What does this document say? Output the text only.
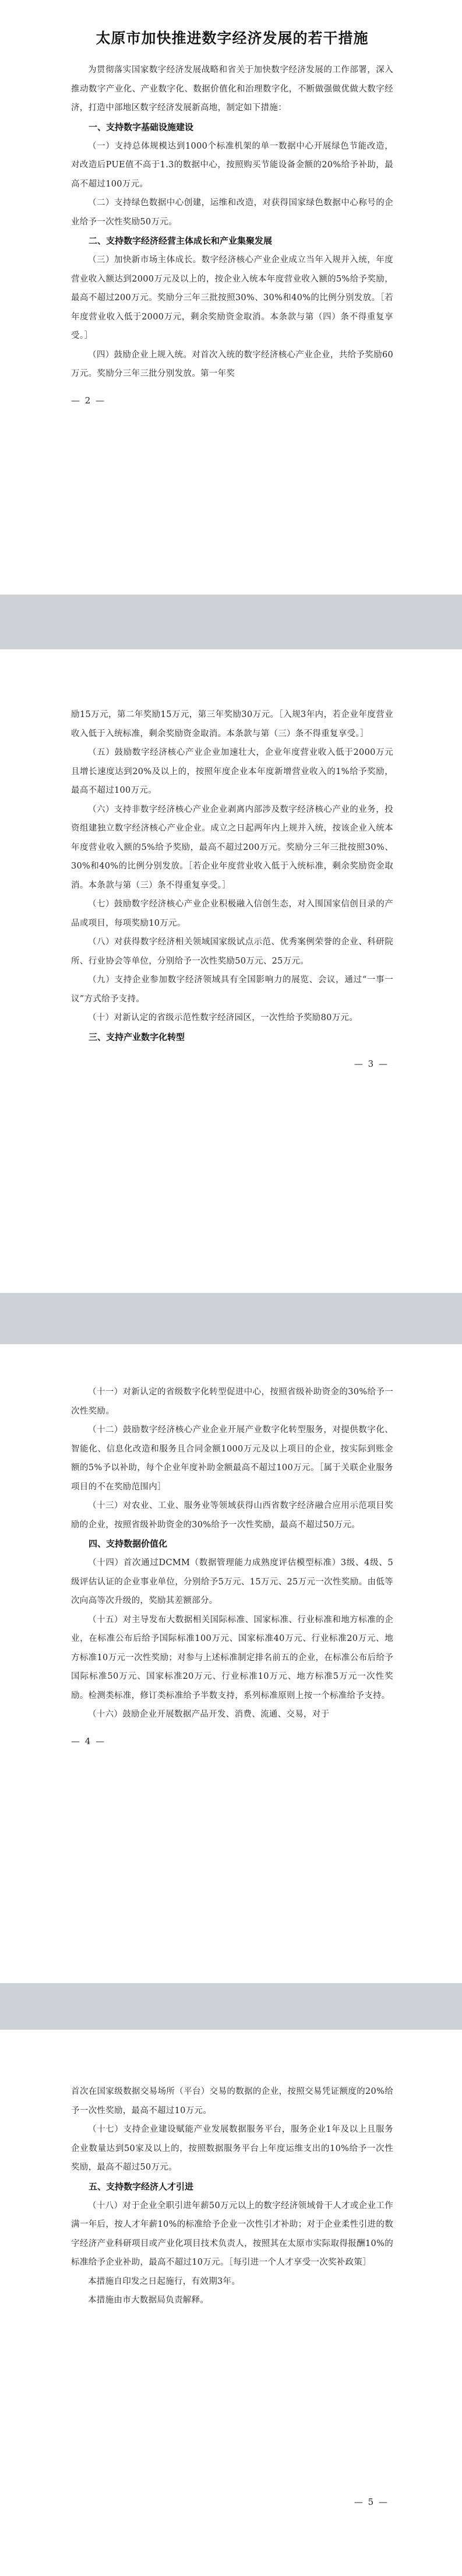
太原市加快推进数字经济发展的若干措施

为贯彻落实国家数字经济发展战略和省关于加快数字经济发展的工作部署，深入推动数字产业化、产业数字化、数据价值化和治理数字化，不断做强做优做大数字经济，打造中部地区数字经济发展新高地，制定如下措施：

一、支持数字基础设施建设

（一）支持总体规模达到1000个标准机架的单一数据中心开展绿色节能改造，对改造后PUE值不高于1.3的数据中心，按照购买节能设备金额的20%给予补助，最高不超过100万元。

（二）支持绿色数据中心创建，运维和改造，对获得国家绿色数据中心称号的企业给予一次性奖励50万元。

二、支持数字经济经营主体成长和产业集聚发展

（三）加快新市场主体成长。数字经济核心产业企业成立当年入规并入统，年度营业收入额达到2000万元及以上的，按企业入统本年度营业收入额的5%给予奖励，最高不超过200万元。奖励分三年三批按照30%、30%和40%的比例分别发放。［若年度营业收入低于2000万元，剩余奖励资金取消。本条款与第（四）条不得重复享受。］

（四）鼓励企业上规入统。对首次入统的数字经济核心产业企业，共给予奖励60万元。奖励分三年三批分别发放。第一年奖

— 2 —

励15万元，第二年奖励15万元，第三年奖励30万元。［入规3年内，若企业年度营业收入低于入统标准，剩余奖励资金取消。本条款与第（三）条不得重复享受。］

（五）鼓励数字经济核心产业企业加速壮大，企业年度营业收入低于2000万元且增长速度达到20%及以上的，按照年度企业本年度新增营业收入的1%给予奖励，最高不超过100万元。

（六）支持非数字经济核心产业企业剥离内部涉及数字经济核心产业的业务，投资组建独立数字经济核心产业企业。成立之日起两年内上规并入统，按该企业入统本年度营业收入额的5%给予奖励，最高不超过200万元。奖励分三年三批按照30%、30%和40%的比例分别发放。［若企业年度营业收入低于入统标准，剩余奖励资金取消。本条款与第（三）条不得重复享受。］

（七）鼓励数字经济核心产业企业积极融入信创生态，对入围国家信创目录的产品或项目，每项奖励10万元。

（八）对获得数字经济相关领域国家级试点示范、优秀案例荣誉的企业、科研院所、行业协会等单位，分别给予一次性奖励50万元、25万元。

（九）支持企业参加数字经济领域具有全国影响力的展览、会议，通过“一事一议”方式给予支持。

（十）对新认定的省级示范性数字经济园区，一次性给予奖励80万元。

三、支持产业数字化转型

— 3 —

（十一）对新认定的省级数字化转型促进中心，按照省级补助资金的30%给予一次性奖励。

（十二）鼓励数字经济核心产业企业开展产业数字化转型服务，对提供数字化、智能化、信息化改造和服务且合同金额1000万元及以上项目的企业，按实际到账金额的5%予以补助，每个企业年度补助金额最高不超过100万元。［属于关联企业服务项目的不在奖励范围内］

（十三）对农业、工业、服务业等领域获得山西省数字经济融合应用示范项目奖励的企业，按照省级补助资金的30%给予一次性奖励，最高不超过50万元。

四、支持数据价值化

（十四）首次通过DCMM（数据管理能力成熟度评估模型标准）3级、4级、5级评估认证的企业事业单位，分别给予5万元、15万元、25万元一次性奖励。由低等次向高等次升级的，奖励其差额部分。

（十五）对主导发布大数据相关国际标准、国家标准、行业标准和地方标准的企业，在标准公布后给予国际标准100万元、国家标准40万元、行业标准20万元、地方标准10万元一次性奖励；对参与上述标准制定排名前五的企业，在标准公布后给予国际标准50万元、国家标准20万元、行业标准10万元、地方标准5万元一次性奖励。检测类标准，修订类标准给予半数支持，系列标准原则上按一个标准给予支持。

（十六）鼓励企业开展数据产品开发、消费、流通、交易，对于

— 4 —

首次在国家级数据交易场所（平台）交易的数据的企业，按照交易凭证额度的20%给予一次性奖励，最高不超过10万元。

（十七）支持企业建设赋能产业发展数据服务平台，服务企业1年及以上且服务企业数量达到50家及以上的，按照数据服务平台上年度运维支出的10%给予一次性奖励，最高不超过50万元。

五、支持数字经济人才引进

（十八）对于企业全职引进年薪50万元以上的数字经济领域骨干人才或企业工作满一年后，按人才年薪10%的标准给予企业一次性引才补助；对于企业柔性引进的数字经济产业科研项目或产业化项目技术负责人，按照其在太原市实际取得报酬10%的标准给予企业补助，最高不超过10万元。［每引进一个人才享受一次奖补政策］

本措施自印发之日起施行，有效期3年。

本措施由市大数据局负责解释。

— 5 —
